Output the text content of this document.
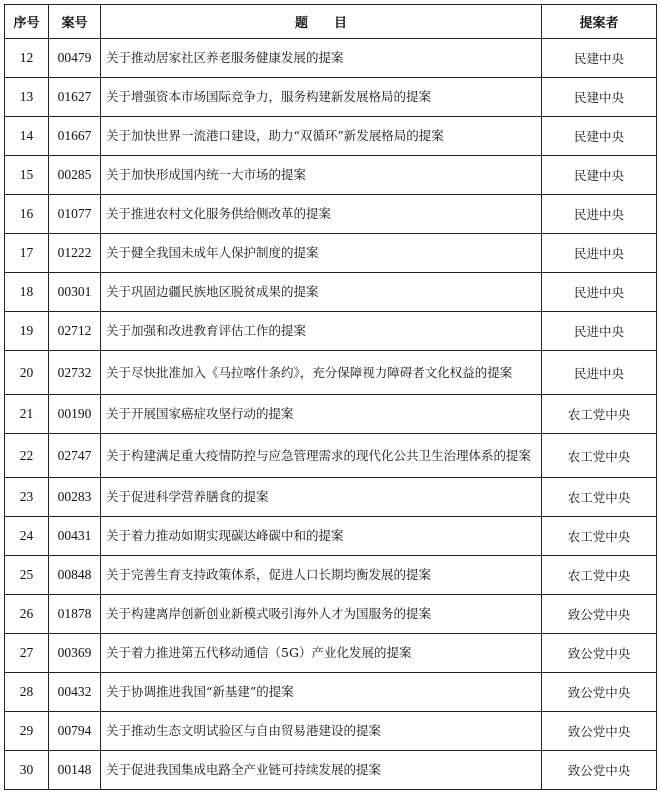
序号	案号	题　　目	提案者
12	00479	关于推动居家社区养老服务健康发展的提案	民建中央
13	01627	关于增强资本市场国际竞争力，服务构建新发展格局的提案	民建中央
14	01667	关于加快世界一流港口建设，助力“双循环”新发展格局的提案	民建中央
15	00285	关于加快形成国内统一大市场的提案	民建中央
16	01077	关于推进农村文化服务供给侧改革的提案	民进中央
17	01222	关于健全我国未成年人保护制度的提案	民进中央
18	00301	关于巩固边疆民族地区脱贫成果的提案	民进中央
19	02712	关于加强和改进教育评估工作的提案	民进中央
20	02732	关于尽快批准加入《马拉喀什条约》，充分保障视力障碍者文化权益的提案	民进中央
21	00190	关于开展国家癌症攻坚行动的提案	农工党中央
22	02747	关于构建满足重大疫情防控与应急管理需求的现代化公共卫生治理体系的提案	农工党中央
23	00283	关于促进科学营养膳食的提案	农工党中央
24	00431	关于着力推动如期实现碳达峰碳中和的提案	农工党中央
25	00848	关于完善生育支持政策体系，促进人口长期均衡发展的提案	农工党中央
26	01878	关于构建离岸创新创业新模式吸引海外人才为国服务的提案	致公党中央
27	00369	关于着力推进第五代移动通信（5G）产业化发展的提案	致公党中央
28	00432	关于协调推进我国“新基建”的提案	致公党中央
29	00794	关于推动生态文明试验区与自由贸易港建设的提案	致公党中央
30	00148	关于促进我国集成电路全产业链可持续发展的提案	致公党中央
